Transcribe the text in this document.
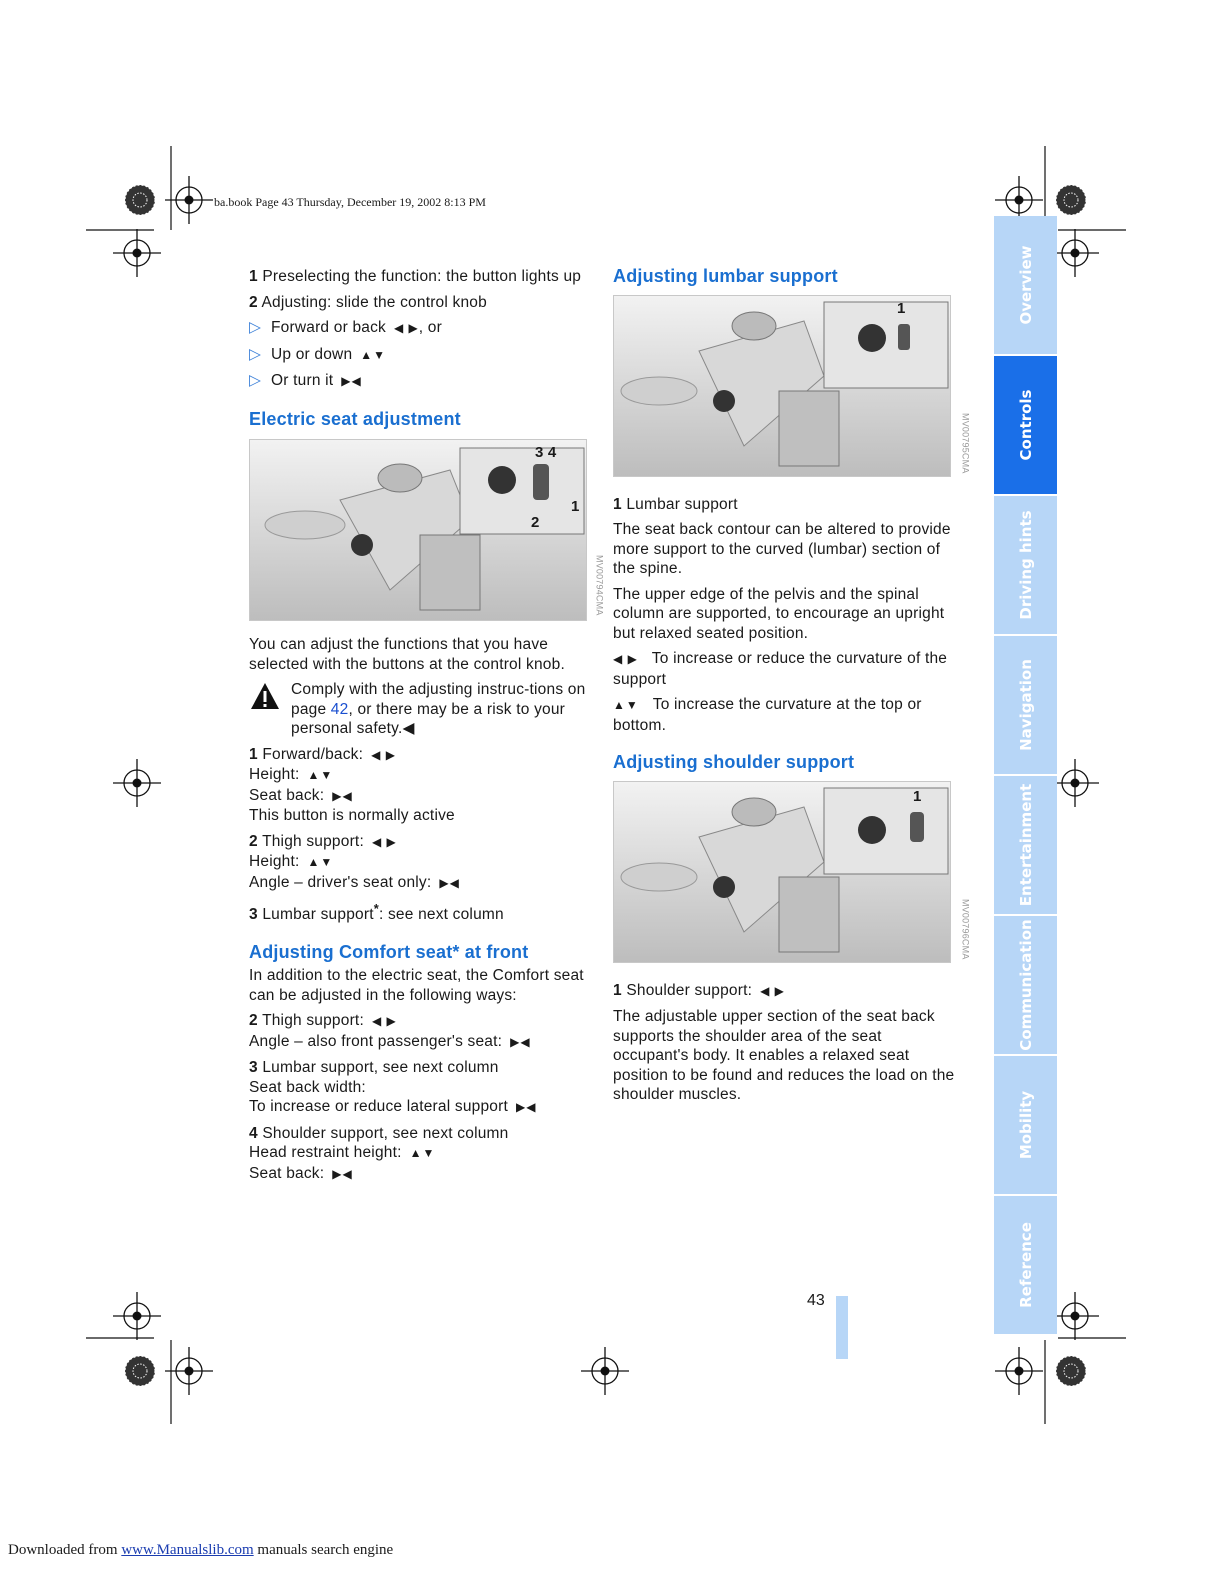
ba.book Page 43 Thursday, December 19, 2002 8:13 PM
Overview
Controls
Driving hints
Navigation
Entertainment
Communication
Mobility
Reference

1 Preselecting the function: the button lights up

2 Adjusting: slide the control knob

▷ Forward or back ◀ ▶, or
▷ Up or down ▲▼
▷ Or turn it ▶◀
Electric seat adjustment
3 4
1
2
MV00794CMA

You can adjust the functions that you have selected with the buttons at the control knob.

Comply with the adjusting instruc-tions on page 42, or there may be a risk to your personal safety.◀

1 Forward/back: ◀ ▶
Height: ▲▼
Seat back: ▶◀
This button is normally active

2 Thigh support: ◀ ▶
Height: ▲▼
Angle – driver's seat only: ▶◀

3 Lumbar support*: see next column

Adjusting Comfort seat* at front

In addition to the electric seat, the Comfort seat can be adjusted in the following ways:

2 Thigh support: ◀ ▶
Angle – also front passenger's seat: ▶◀

3 Lumbar support, see next column
Seat back width:
To increase or reduce lateral support ▶◀

4 Shoulder support, see next column
Head restraint height: ▲▼
Seat back: ▶◀

Adjusting lumbar support
1
MV00795CMA

1 Lumbar support

The seat back contour can be altered to provide more support to the curved (lumbar) section of the spine.

The upper edge of the pelvis and the spinal column are supported, to encourage an upright but relaxed seated position.

◀ ▶ To increase or reduce the curvature of the support

▲▼ To increase the curvature at the top or bottom.

Adjusting shoulder support
1
MV00796CMA

1 Shoulder support: ◀ ▶

The adjustable upper section of the seat back supports the shoulder area of the seat occupant's body. It enables a relaxed seat position to be found and reduces the load on the shoulder muscles.

43
Downloaded from www.Manualslib.com manuals search engine
